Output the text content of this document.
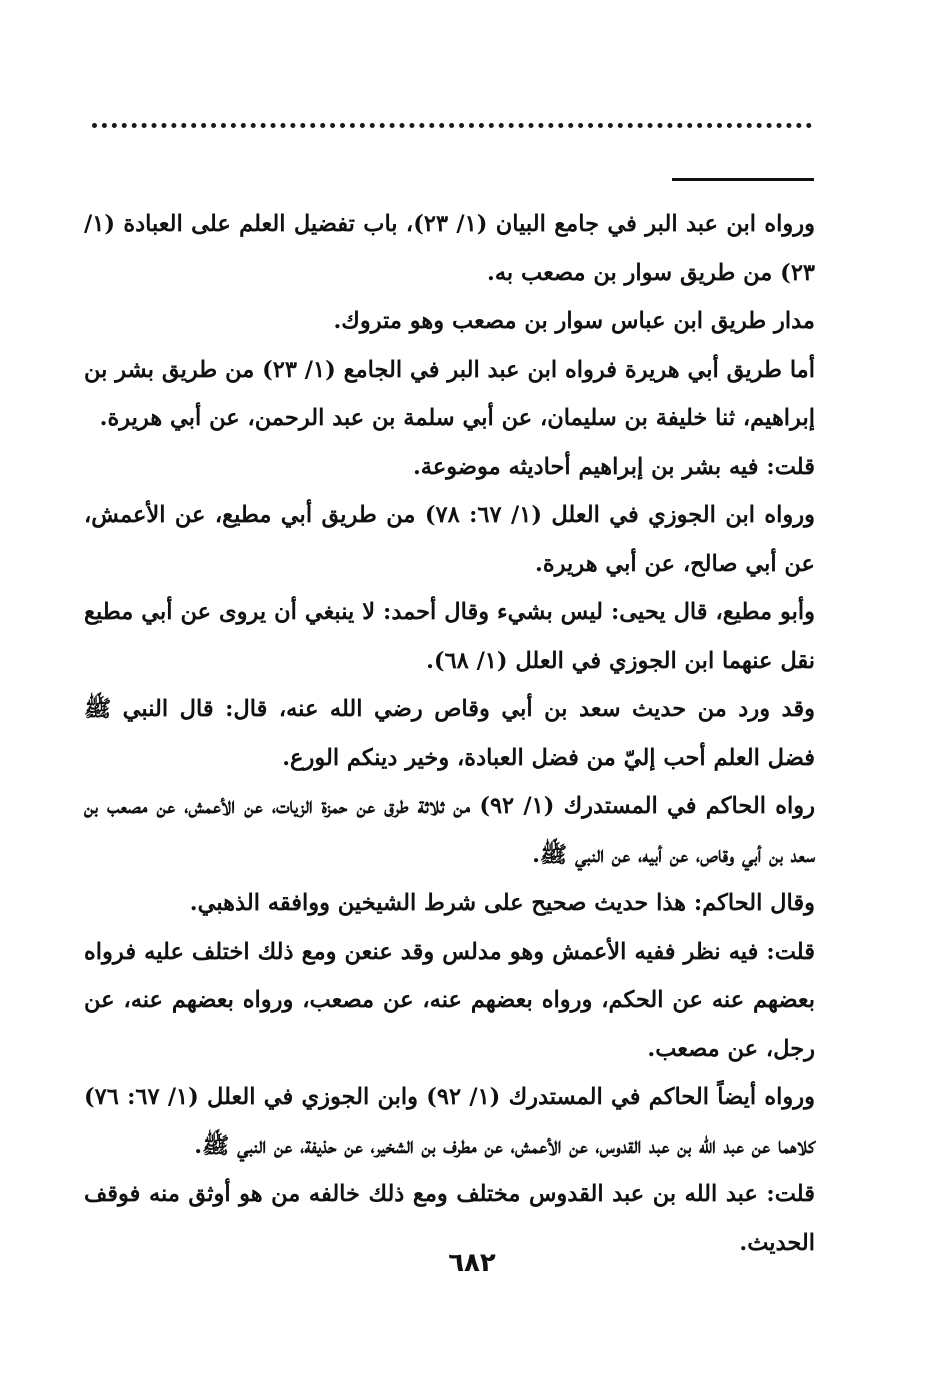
ورواه ابن عبد البر في جامع البيان (١/ ٢٣)، باب تفضيل العلم على العبادة (١/ ٢٣) من طريق سوار بن مصعب به.

مدار طريق ابن عباس سوار بن مصعب وهو متروك.

أما طريق أبي هريرة فرواه ابن عبد البر في الجامع (١/ ٢٣) من طريق بشر بن إبراهيم، ثنا خليفة بن سليمان، عن أبي سلمة بن عبد الرحمن، عن أبي هريرة.

قلت: فيه بشر بن إبراهيم أحاديثه موضوعة.

ورواه ابن الجوزي في العلل (١/ ٦٧: ٧٨) من طريق أبي مطيع، عن الأعمش، عن أبي صالح، عن أبي هريرة.

وأبو مطيع، قال يحيى: ليس بشيء وقال أحمد: لا ينبغي أن يروى عن أبي مطيع نقل عنهما ابن الجوزي في العلل (١/ ٦٨).

وقد ورد من حديث سعد بن أبي وقاص رضي الله عنه، قال: قال النبي ﷺ فضل العلم أحب إليّ من فضل العبادة، وخير دينكم الورع.

رواه الحاكم في المستدرك (١/ ٩٢) من ثلاثة طرق عن حمزة الزيات، عن الأعمش، عن مصعب بن سعد بن أبي وقاص، عن أبيه، عن النبي ﷺ.

وقال الحاكم: هذا حديث صحيح على شرط الشيخين ووافقه الذهبي.

قلت: فيه نظر ففيه الأعمش وهو مدلس وقد عنعن ومع ذلك اختلف عليه فرواه بعضهم عنه عن الحكم، ورواه بعضهم عنه، عن مصعب، ورواه بعضهم عنه، عن رجل، عن مصعب.

ورواه أيضاً الحاكم في المستدرك (١/ ٩٢) وابن الجوزي في العلل (١/ ٦٧: ٧٦) كلاهما عن عبد الله بن عبد القدوس، عن الأعمش، عن مطرف بن الشخير، عن حذيفة، عن النبي ﷺ.

قلت: عبد الله بن عبد القدوس مختلف ومع ذلك خالفه من هو أوثق منه فوقف الحديث.

٦٨٢
